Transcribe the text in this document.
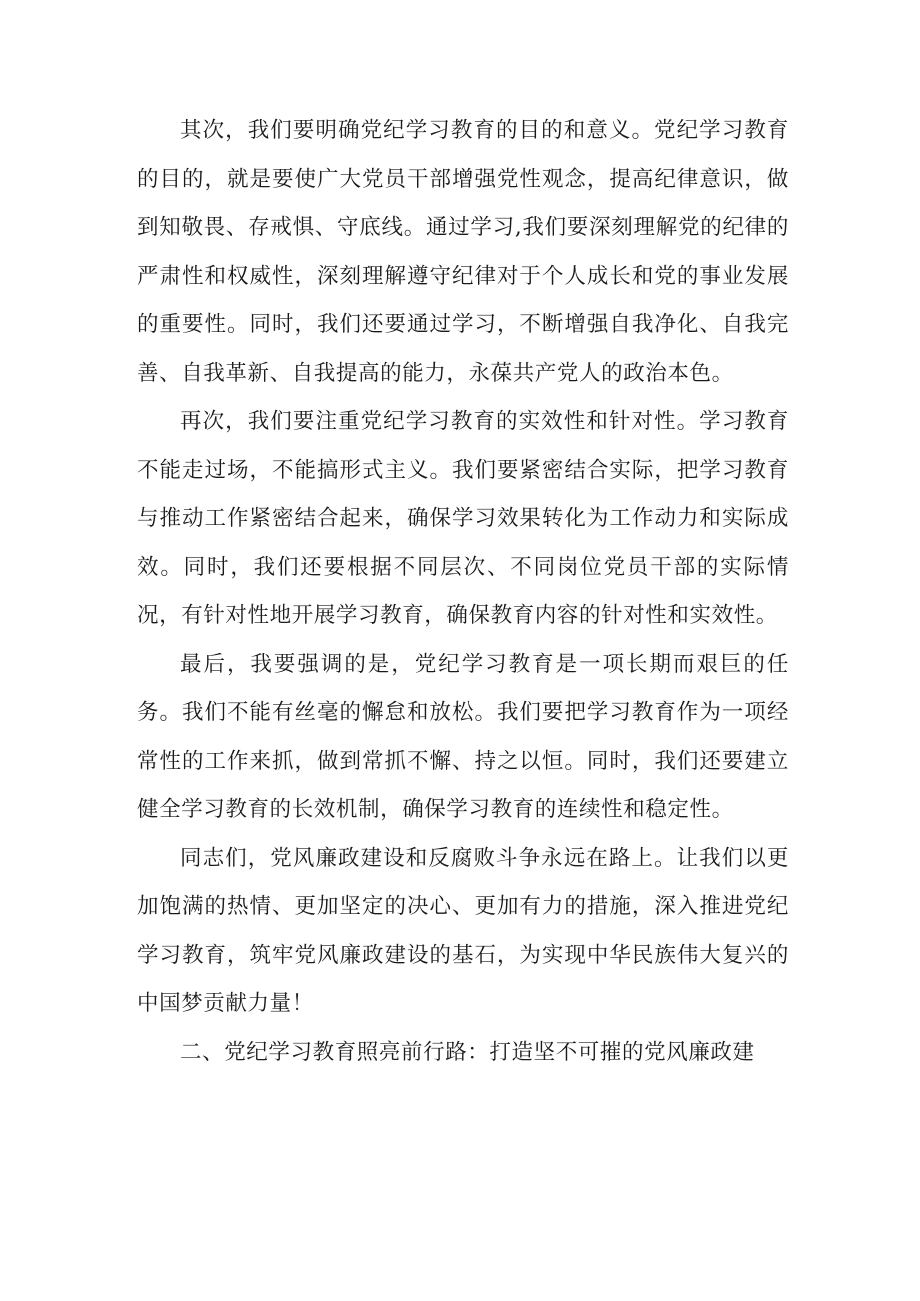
其次，我们要明确党纪学习教育的目的和意义。党纪学习教育的目的，就是要使广大党员干部增强党性观念，提高纪律意识，做到知敬畏、存戒惧、守底线。通过学习,我们要深刻理解党的纪律的严肃性和权威性，深刻理解遵守纪律对于个人成长和党的事业发展的重要性。同时，我们还要通过学习，不断增强自我净化、自我完善、自我革新、自我提高的能力，永葆共产党人的政治本色。

再次，我们要注重党纪学习教育的实效性和针对性。学习教育不能走过场，不能搞形式主义。我们要紧密结合实际，把学习教育与推动工作紧密结合起来，确保学习效果转化为工作动力和实际成效。同时，我们还要根据不同层次、不同岗位党员干部的实际情况，有针对性地开展学习教育，确保教育内容的针对性和实效性。

最后，我要强调的是，党纪学习教育是一项长期而艰巨的任务。我们不能有丝毫的懈怠和放松。我们要把学习教育作为一项经常性的工作来抓，做到常抓不懈、持之以恒。同时，我们还要建立健全学习教育的长效机制，确保学习教育的连续性和稳定性。

同志们，党风廉政建设和反腐败斗争永远在路上。让我们以更加饱满的热情、更加坚定的决心、更加有力的措施，深入推进党纪学习教育，筑牢党风廉政建设的基石，为实现中华民族伟大复兴的中国梦贡献力量！

二、党纪学习教育照亮前行路：打造坚不可摧的党风廉政建
